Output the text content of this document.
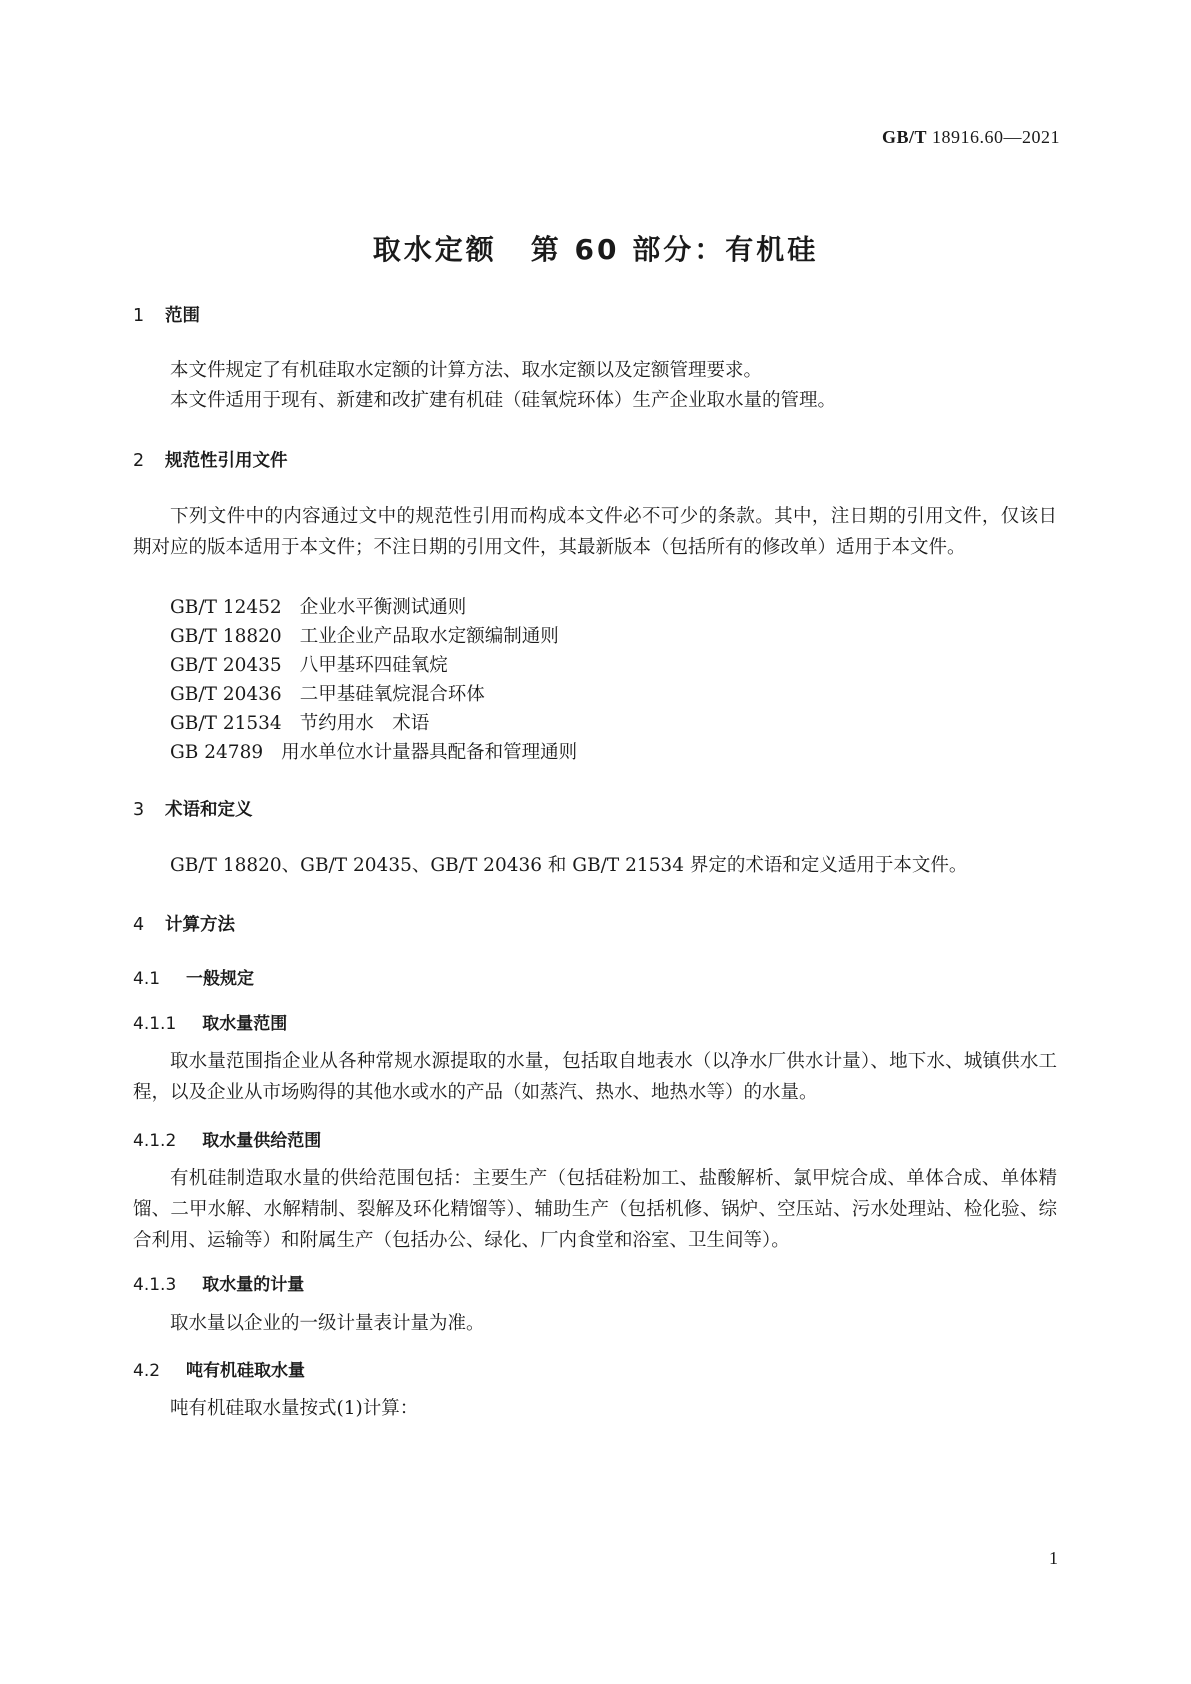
GB/T 18916.60—2021
取水定额 第 60 部分：有机硅
1 范围
本文件规定了有机硅取水定额的计算方法、取水定额以及定额管理要求。
本文件适用于现有、新建和改扩建有机硅（硅氧烷环体）生产企业取水量的管理。
2 规范性引用文件
下列文件中的内容通过文中的规范性引用而构成本文件必不可少的条款。其中，注日期的引用文件，仅该日期对应的版本适用于本文件；不注日期的引用文件，其最新版本（包括所有的修改单）适用于本文件。
GB/T 12452 企业水平衡测试通则
GB/T 18820 工业企业产品取水定额编制通则
GB/T 20435 八甲基环四硅氧烷
GB/T 20436 二甲基硅氧烷混合环体
GB/T 21534 节约用水　术语
GB 24789 用水单位水计量器具配备和管理通则
3 术语和定义
GB/T 18820、GB/T 20435、GB/T 20436 和 GB/T 21534 界定的术语和定义适用于本文件。
4 计算方法
4.1 一般规定
4.1.1 取水量范围
取水量范围指企业从各种常规水源提取的水量，包括取自地表水（以净水厂供水计量）、地下水、城镇供水工程，以及企业从市场购得的其他水或水的产品（如蒸汽、热水、地热水等）的水量。
4.1.2 取水量供给范围
有机硅制造取水量的供给范围包括：主要生产（包括硅粉加工、盐酸解析、氯甲烷合成、单体合成、单体精馏、二甲水解、水解精制、裂解及环化精馏等）、辅助生产（包括机修、锅炉、空压站、污水处理站、检化验、综合利用、运输等）和附属生产（包括办公、绿化、厂内食堂和浴室、卫生间等）。
4.1.3 取水量的计量
取水量以企业的一级计量表计量为准。
4.2 吨有机硅取水量
吨有机硅取水量按式(1)计算：
1
